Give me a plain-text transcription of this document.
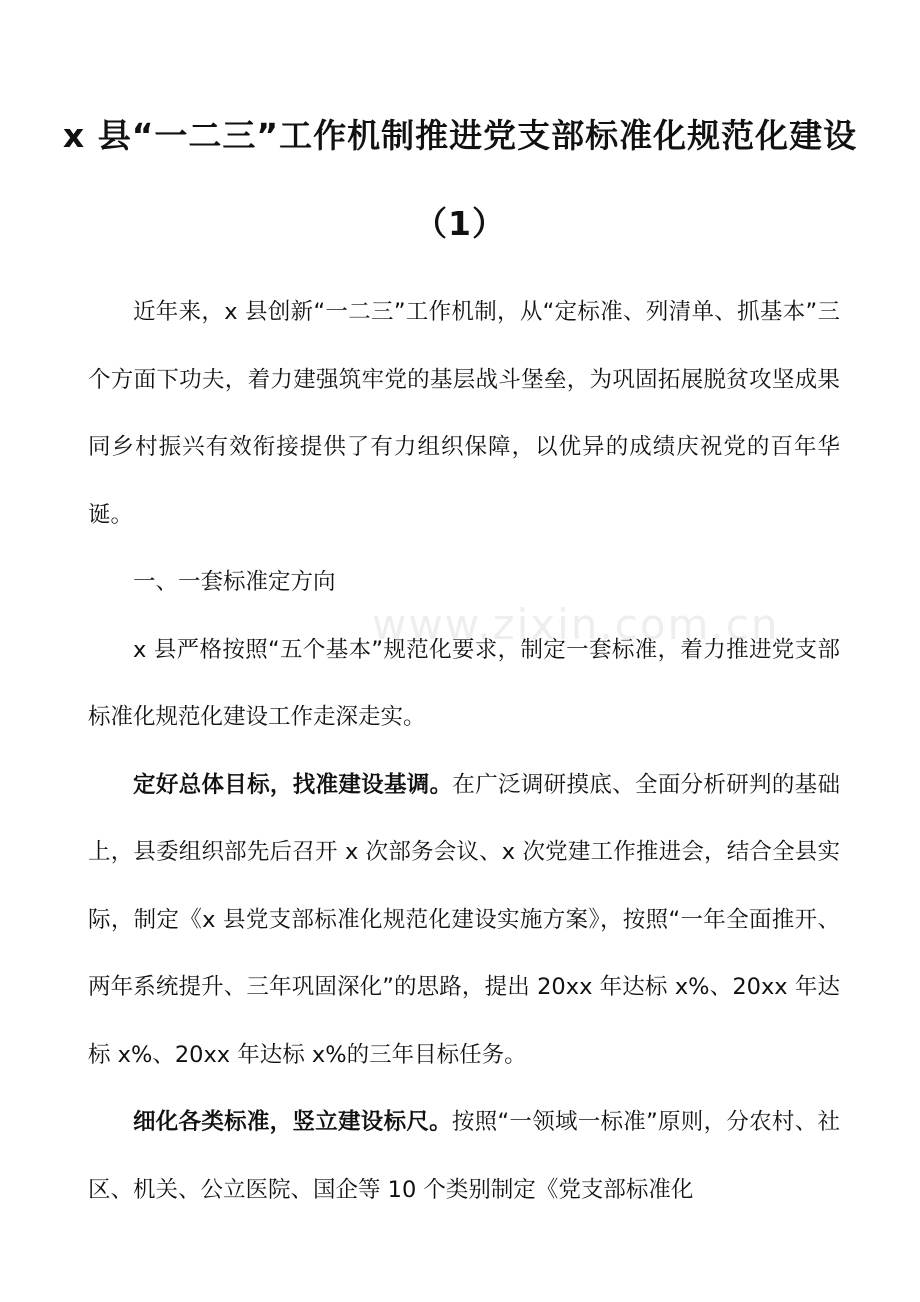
x 县“一二三”工作机制推进党支部标准化规范化建设（1）

近年来，x 县创新“一二三”工作机制，从“定标准、列清单、抓基本”三个方面下功夫，着力建强筑牢党的基层战斗堡垒，为巩固拓展脱贫攻坚成果同乡村振兴有效衔接提供了有力组织保障，以优异的成绩庆祝党的百年华诞。

一、一套标准定方向

x 县严格按照“五个基本”规范化要求，制定一套标准，着力推进党支部标准化规范化建设工作走深走实。

定好总体目标，找准建设基调。在广泛调研摸底、全面分析研判的基础上，县委组织部先后召开 x 次部务会议、x 次党建工作推进会，结合全县实际，制定《x 县党支部标准化规范化建设实施方案》，按照“一年全面推开、两年系统提升、三年巩固深化”的思路，提出 20xx 年达标 x%、20xx 年达标 x%、20xx 年达标 x%的三年目标任务。

细化各类标准，竖立建设标尺。按照“一领域一标准”原则，分农村、社区、机关、公立医院、国企等 10 个类别制定《党支部标准化

www.zixin.com.cn
